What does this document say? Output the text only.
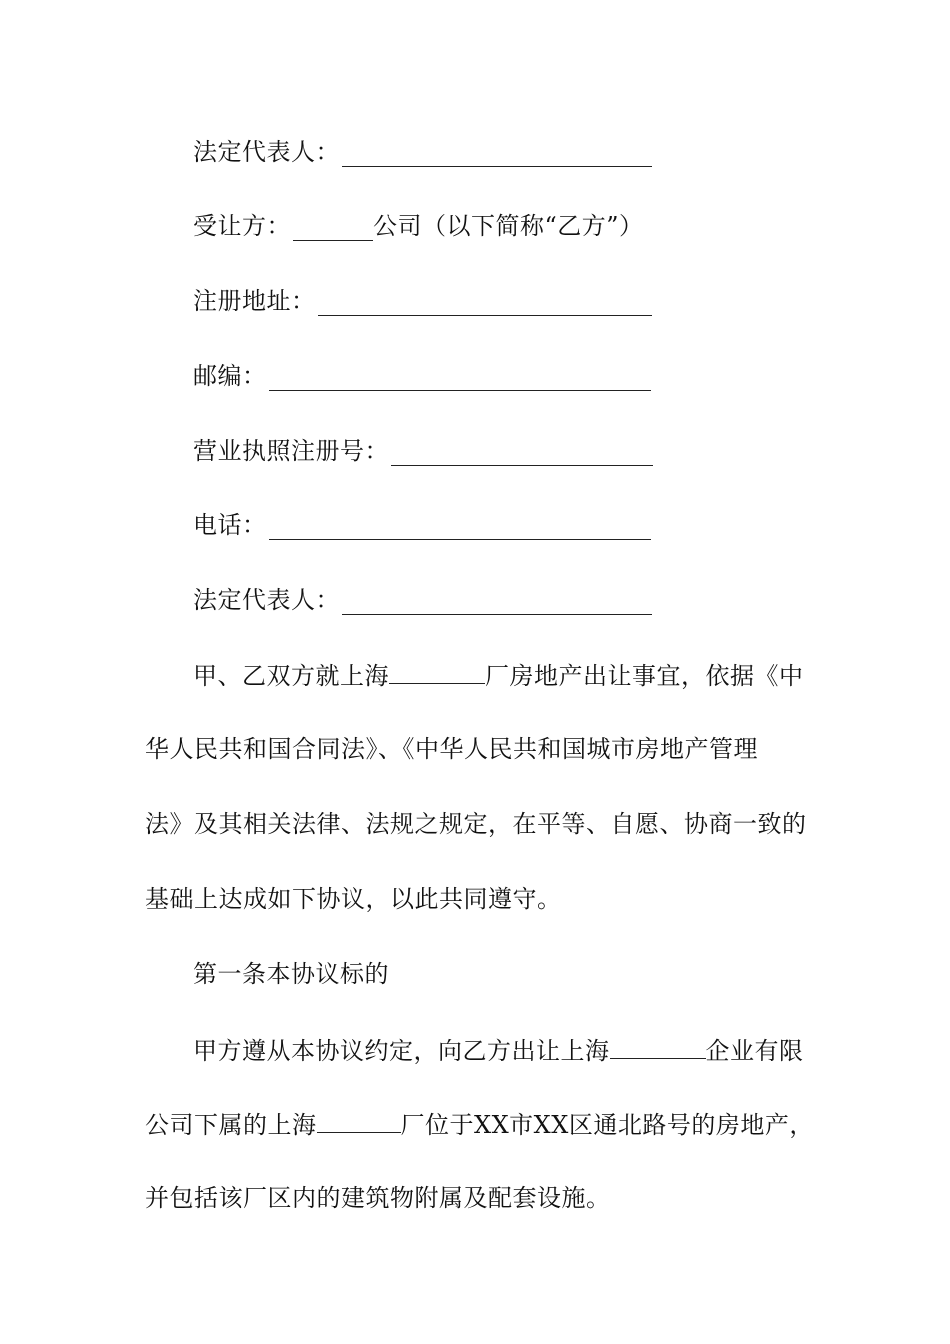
法定代表人：
受让方：	公司（以下简称“乙方”）
注册地址：
邮编：
营业执照注册号：
电话：
法定代表人：
甲、乙双方就上海	厂房地产出让事宜，依据《中
华人民共和国合同法》、《中华人民共和国城市房地产管理
法》及其相关法律、法规之规定，在平等、自愿、协商一致的
基础上达成如下协议，以此共同遵守。
第一条本协议标的
甲方遵从本协议约定，向乙方出让上海	企业有限
公司下属的上海	厂位于XX市XX区通北路号的房地产，
并包括该厂区内的建筑物附属及配套设施。
